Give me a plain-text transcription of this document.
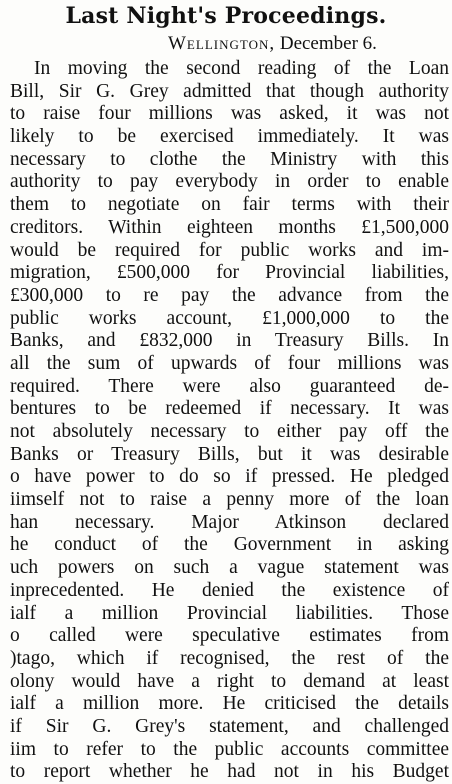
Last Night's Proceedings.
Wellington, December 6.
In moving the second reading of the Loan
Bill, Sir G. Grey admitted that though authority
to raise four millions was asked, it was not
likely to be exercised immediately. It was
necessary to clothe the Ministry with this
authority to pay everybody in order to enable
them to negotiate on fair terms with their
creditors. Within eighteen months £1,500,000
would be required for public works and im-
migration, £500,000 for Provincial liabilities,
£300,000 to re pay the advance from the
public works account, £1,000,000 to the
Banks, and £832,000 in Treasury Bills. In
all the sum of upwards of four millions was
required. There were also guaranteed de-
bentures to be redeemed if necessary. It was
not absolutely necessary to either pay off the
Banks or Treasury Bills, but it was desirable
o have power to do so if pressed. He pledged
iimself not to raise a penny more of the loan
han necessary. Major Atkinson declared
he conduct of the Government in asking
uch powers on such a vague statement was
inprecedented. He denied the existence of
ialf a million Provincial liabilities. Those
o called were speculative estimates from
)tago, which if recognised, the rest of the
olony would have a right to demand at least
ialf a million more. He criticised the details
if Sir G. Grey's statement, and challenged
iim to refer to the public accounts committee
to report whether he had not in his Budget
